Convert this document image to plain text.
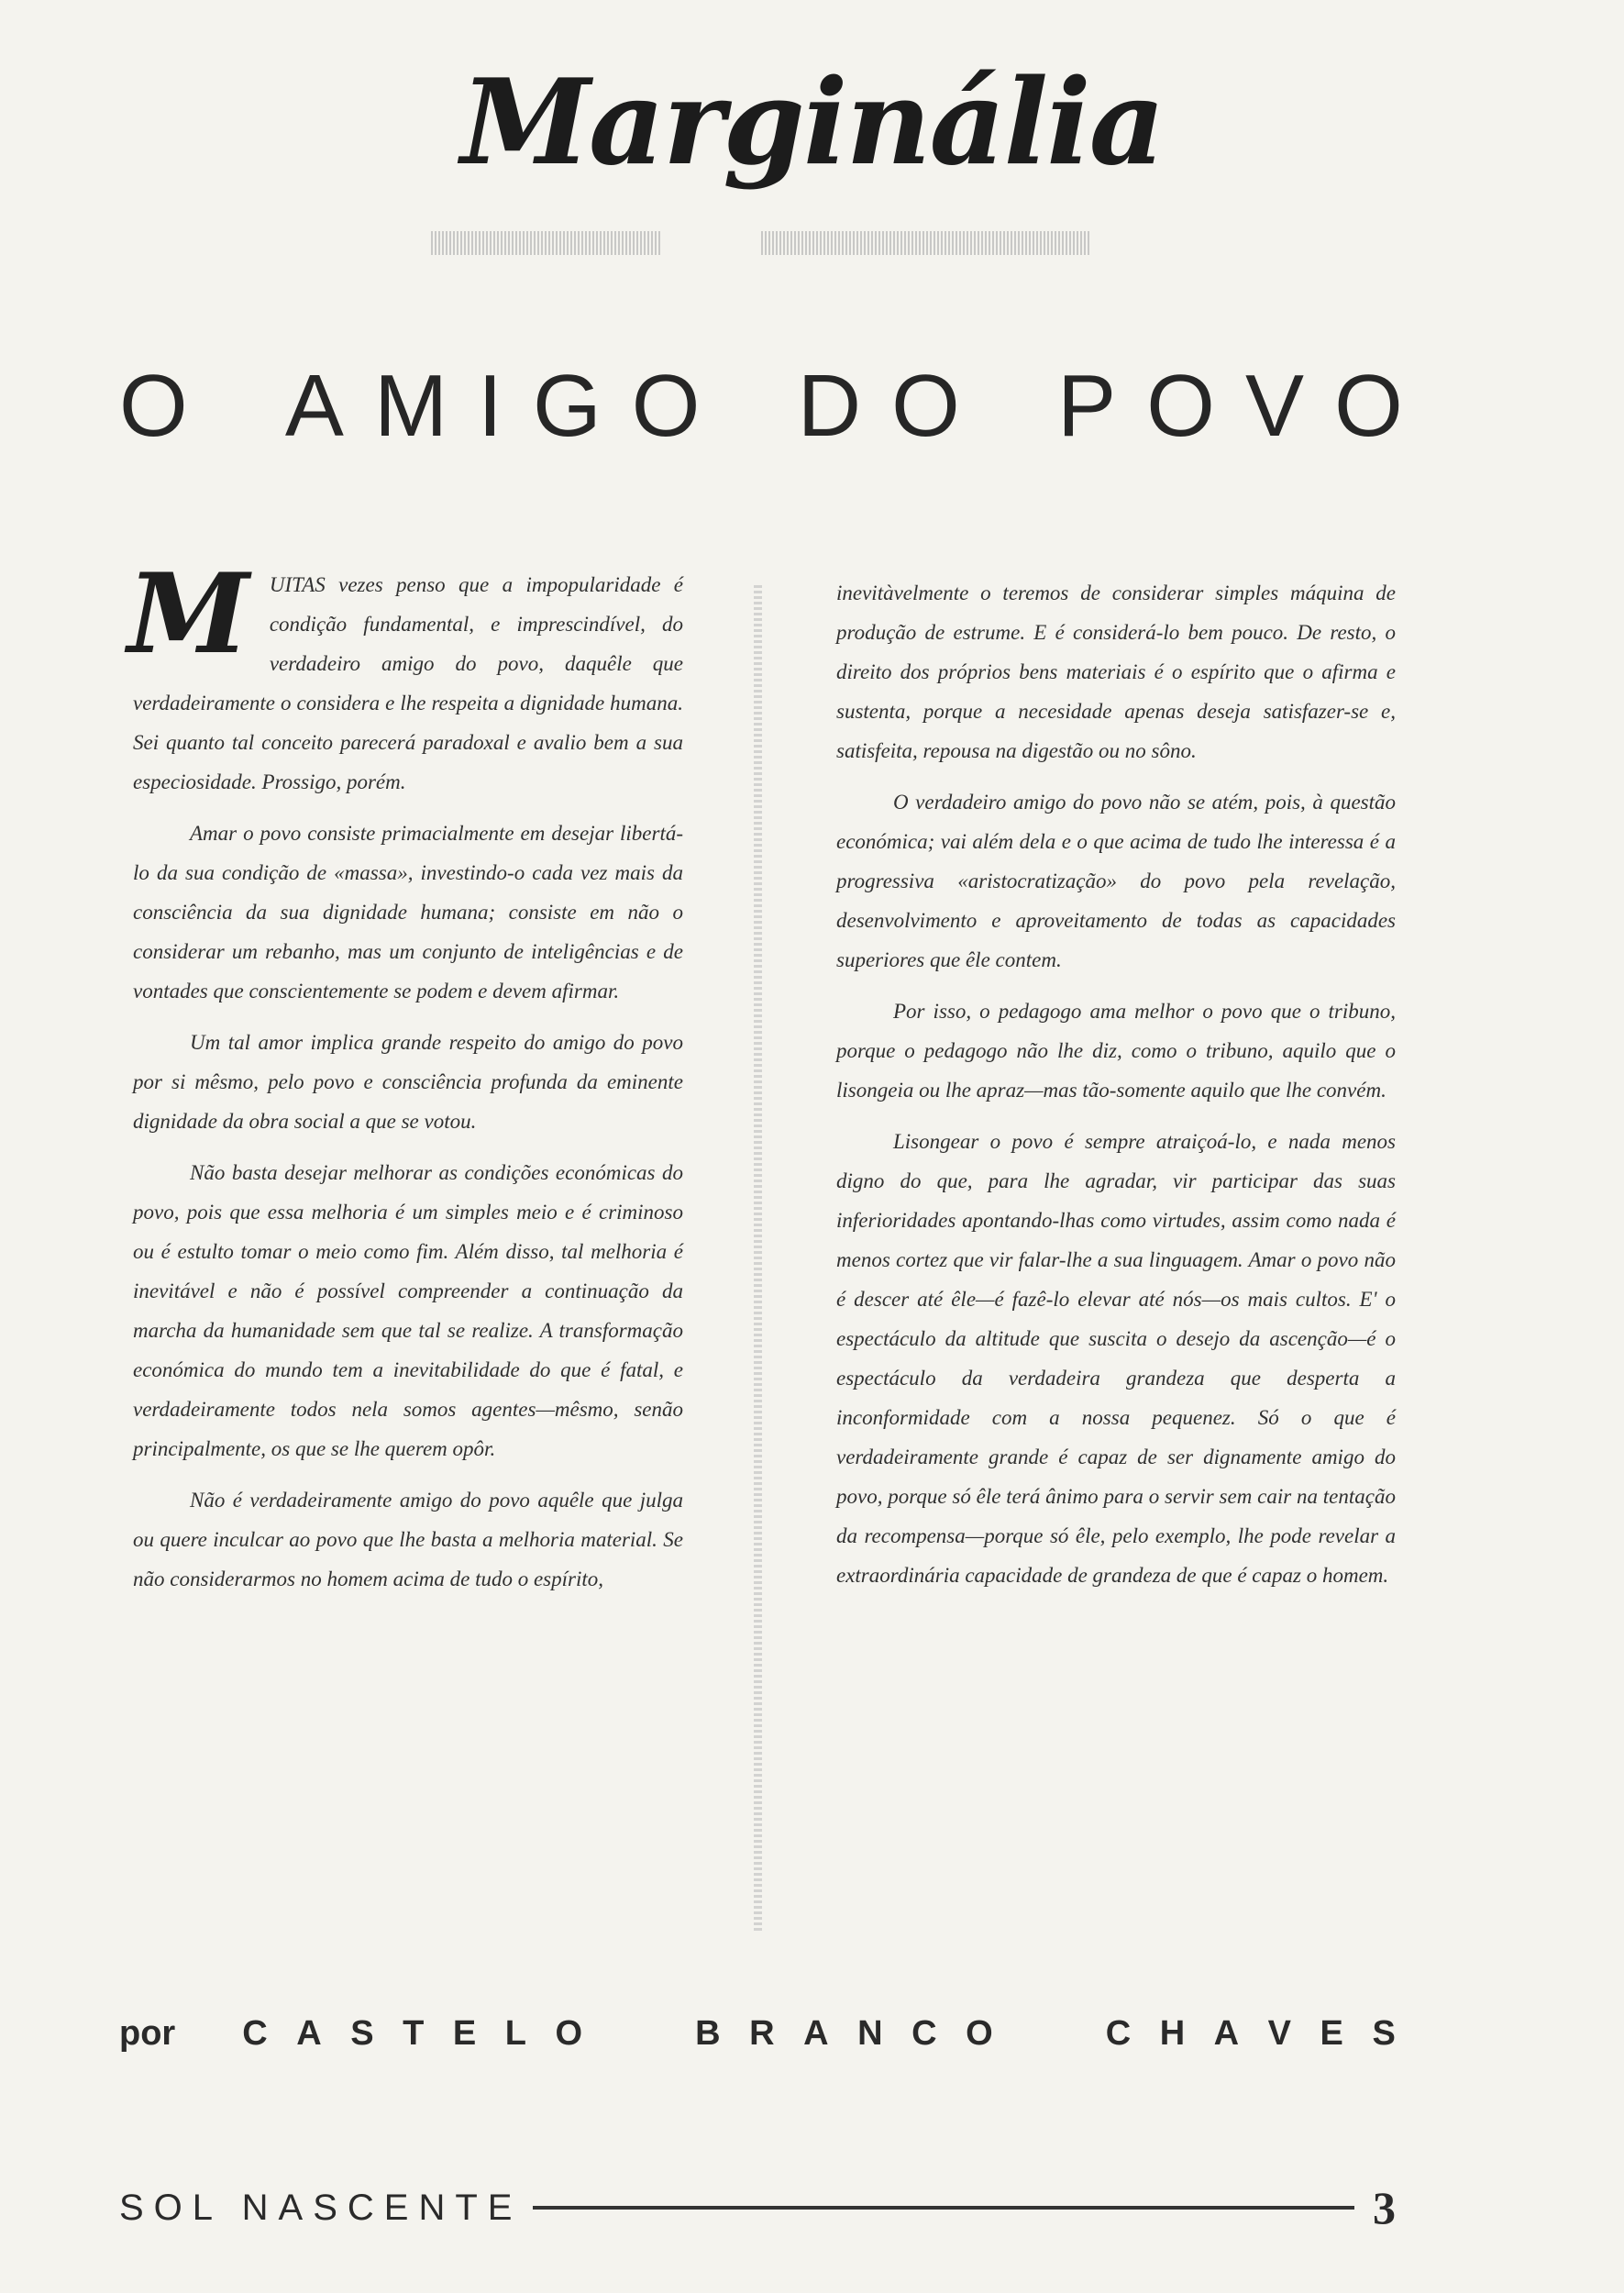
Marginália
O A M I G O D O P O V O

M UITAS vezes penso que a impopularidade é condição fundamental, e imprescindível, do verdadeiro amigo do povo, daquêle que verdadeiramente o considera e lhe respeita a dignidade humana. Sei quanto tal conceito parecerá paradoxal e avalio bem a sua especiosidade. Prossigo, porém.

Amar o povo consiste primacialmente em desejar libertá-lo da sua condição de «massa», investindo-o cada vez mais da consciência da sua dignidade humana; consiste em não o considerar um rebanho, mas um conjunto de inteligências e de vontades que conscientemente se podem e devem afirmar.

Um tal amor implica grande respeito do amigo do povo por si mêsmo, pelo povo e consciência profunda da eminente dignidade da obra social a que se votou.

Não basta desejar melhorar as condições económicas do povo, pois que essa melhoria é um simples meio e é criminoso ou é estulto tomar o meio como fim. Além disso, tal melhoria é inevitável e não é possível compreender a continuação da marcha da humanidade sem que tal se realize. A transformação económica do mundo tem a inevitabilidade do que é fatal, e verdadeiramente todos nela somos agentes—mêsmo, senão principalmente, os que se lhe querem opôr.

Não é verdadeiramente amigo do povo aquêle que julga ou quere inculcar ao povo que lhe basta a melhoria material. Se não considerarmos no homem acima de tudo o espírito,

inevitàvelmente o teremos de considerar simples máquina de produção de estrume. E é considerá-lo bem pouco. De resto, o direito dos próprios bens materiais é o espírito que o afirma e sustenta, porque a necesidade apenas deseja satisfazer-se e, satisfeita, repousa na digestão ou no sôno.

O verdadeiro amigo do povo não se atém, pois, à questão económica; vai além dela e o que acima de tudo lhe interessa é a progressiva «aristocratização» do povo pela revelação, desenvolvimento e aproveitamento de todas as capacidades superiores que êle contem.

Por isso, o pedagogo ama melhor o povo que o tribuno, porque o pedagogo não lhe diz, como o tribuno, aquilo que o lisongeia ou lhe apraz—mas tão-somente aquilo que lhe convém.

Lisongear o povo é sempre atraiçoá-lo, e nada menos digno do que, para lhe agradar, vir participar das suas inferioridades apontando-lhas como virtudes, assim como nada é menos cortez que vir falar-lhe a sua linguagem. Amar o povo não é descer até êle—é fazê-lo elevar até nós—os mais cultos. E' o espectáculo da altitude que suscita o desejo da ascenção—é o espectáculo da verdadeira grandeza que desperta a inconformidade com a nossa pequenez. Só o que é verdadeiramente grande é capaz de ser dignamente amigo do povo, porque só êle terá ânimo para o servir sem cair na tentação da recompensa—porque só êle, pelo exemplo, lhe pode revelar a extraordinária capacidade de grandeza de que é capaz o homem.

por C A S T E L O	B R A N C O	C H A V E S
SOL NASCENTE	3
